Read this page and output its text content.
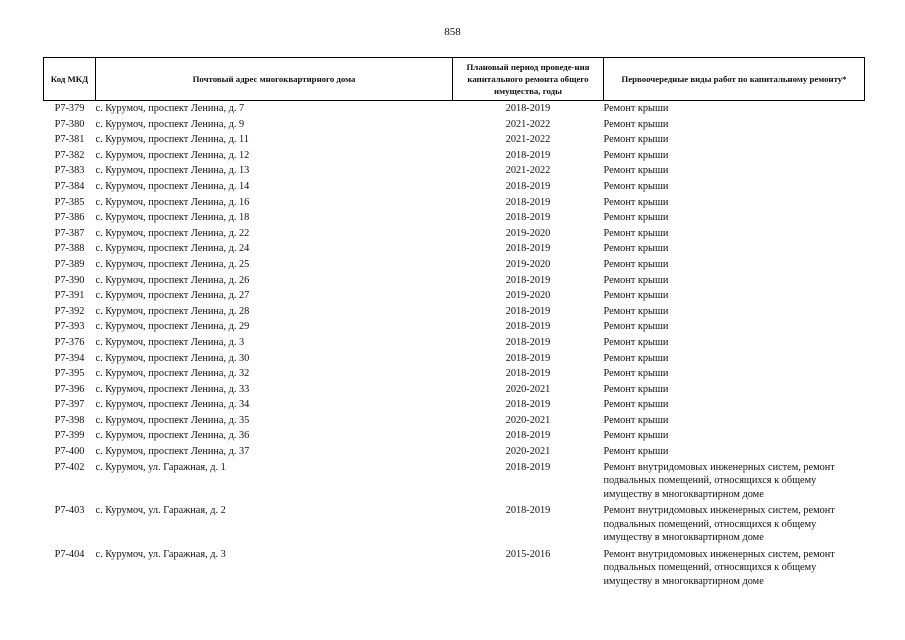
858
Код МКД	Почтовый адрес многоквартирного дома	Плановый период проведе-ния капитального ремонта общего имущества, годы	Первоочередные виды работ по капитальному ремонту*
Р7-379	с. Курумоч, проспект Ленина, д. 7	2018-2019	Ремонт крыши
Р7-380	с. Курумоч, проспект Ленина, д. 9	2021-2022	Ремонт крыши
Р7-381	с. Курумоч, проспект Ленина, д. 11	2021-2022	Ремонт крыши
Р7-382	с. Курумоч, проспект Ленина, д. 12	2018-2019	Ремонт крыши
Р7-383	с. Курумоч, проспект Ленина, д. 13	2021-2022	Ремонт крыши
Р7-384	с. Курумоч, проспект Ленина, д. 14	2018-2019	Ремонт крыши
Р7-385	с. Курумоч, проспект Ленина, д. 16	2018-2019	Ремонт крыши
Р7-386	с. Курумоч, проспект Ленина, д. 18	2018-2019	Ремонт крыши
Р7-387	с. Курумоч, проспект Ленина, д. 22	2019-2020	Ремонт крыши
Р7-388	с. Курумоч, проспект Ленина, д. 24	2018-2019	Ремонт крыши
Р7-389	с. Курумоч, проспект Ленина, д. 25	2019-2020	Ремонт крыши
Р7-390	с. Курумоч, проспект Ленина, д. 26	2018-2019	Ремонт крыши
Р7-391	с. Курумоч, проспект Ленина, д. 27	2019-2020	Ремонт крыши
Р7-392	с. Курумоч, проспект Ленина, д. 28	2018-2019	Ремонт крыши
Р7-393	с. Курумоч, проспект Ленина, д. 29	2018-2019	Ремонт крыши
Р7-376	с. Курумоч, проспект Ленина, д. 3	2018-2019	Ремонт крыши
Р7-394	с. Курумоч, проспект Ленина, д. 30	2018-2019	Ремонт крыши
Р7-395	с. Курумоч, проспект Ленина, д. 32	2018-2019	Ремонт крыши
Р7-396	с. Курумоч, проспект Ленина, д. 33	2020-2021	Ремонт крыши
Р7-397	с. Курумоч, проспект Ленина, д. 34	2018-2019	Ремонт крыши
Р7-398	с. Курумоч, проспект Ленина, д. 35	2020-2021	Ремонт крыши
Р7-399	с. Курумоч, проспект Ленина, д. 36	2018-2019	Ремонт крыши
Р7-400	с. Курумоч, проспект Ленина, д. 37	2020-2021	Ремонт крыши
Р7-402	с. Курумоч, ул. Гаражная, д. 1	2018-2019	Ремонт внутридомовых инженерных систем, ремонт подвальных помещений, относящихся к общему имуществу в многоквартирном доме
Р7-403	с. Курумоч, ул. Гаражная, д. 2	2018-2019	Ремонт внутридомовых инженерных систем, ремонт подвальных помещений, относящихся к общему имуществу в многоквартирном доме
Р7-404	с. Курумоч, ул. Гаражная, д. 3	2015-2016	Ремонт внутридомовых инженерных систем, ремонт подвальных помещений, относящихся к общему имуществу в многоквартирном доме
